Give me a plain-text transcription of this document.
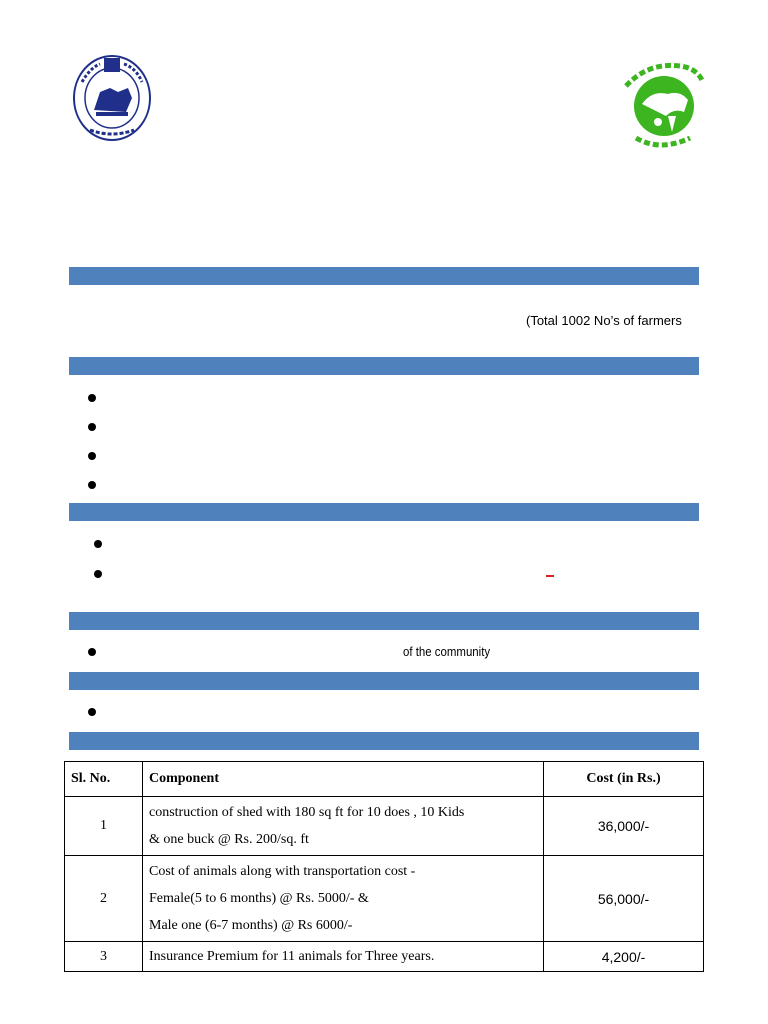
(Total 1002 No’s of farmers
of the community
Sl. No.	Component	Cost (in Rs.)
1	construction of shed with 180 sq ft for 10 does , 10 Kids
& one buck @ Rs. 200/sq. ft	36,000/-
2	Cost of animals along with transportation cost -
Female(5 to 6 months) @ Rs. 5000/- &
Male one (6-7 months) @ Rs 6000/-	56,000/-
3	Insurance Premium for 11 animals for Three years.	4,200/-
